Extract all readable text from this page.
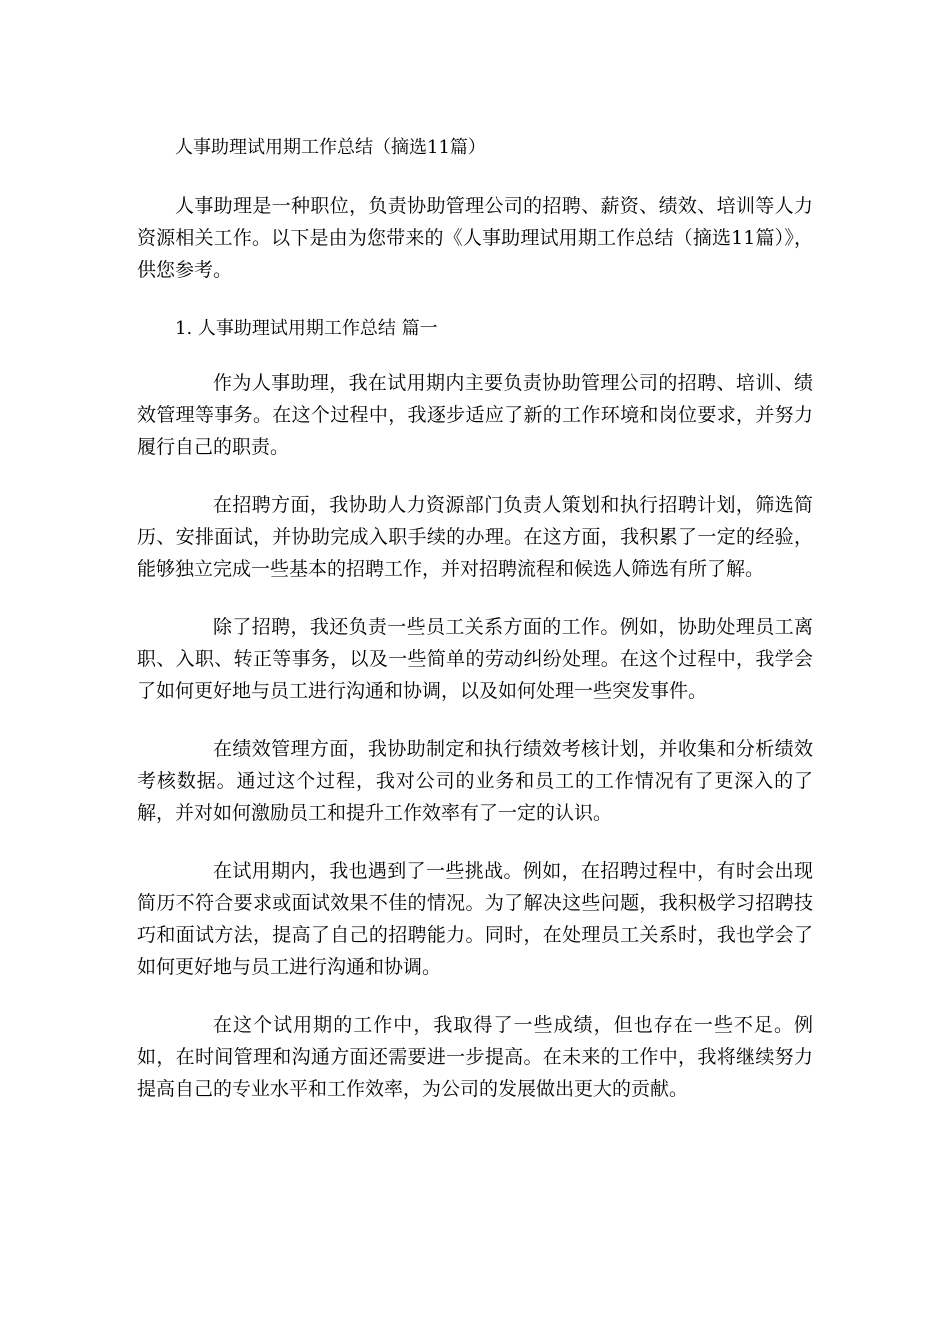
人事助理试用期工作总结（摘选11篇）

人事助理是一种职位，负责协助管理公司的招聘、薪资、绩效、培训等人力资源相关工作。以下是由为您带来的《人事助理试用期工作总结（摘选11篇）》，供您参考。

1. 人事助理试用期工作总结 篇一

作为人事助理，我在试用期内主要负责协助管理公司的招聘、培训、绩效管理等事务。在这个过程中，我逐步适应了新的工作环境和岗位要求，并努力履行自己的职责。

在招聘方面，我协助人力资源部门负责人策划和执行招聘计划，筛选简历、安排面试，并协助完成入职手续的办理。在这方面，我积累了一定的经验，能够独立完成一些基本的招聘工作，并对招聘流程和候选人筛选有所了解。

除了招聘，我还负责一些员工关系方面的工作。例如，协助处理员工离职、入职、转正等事务，以及一些简单的劳动纠纷处理。在这个过程中，我学会了如何更好地与员工进行沟通和协调，以及如何处理一些突发事件。

在绩效管理方面，我协助制定和执行绩效考核计划，并收集和分析绩效考核数据。通过这个过程，我对公司的业务和员工的工作情况有了更深入的了解，并对如何激励员工和提升工作效率有了一定的认识。

在试用期内，我也遇到了一些挑战。例如，在招聘过程中，有时会出现简历不符合要求或面试效果不佳的情况。为了解决这些问题，我积极学习招聘技巧和面试方法，提高了自己的招聘能力。同时，在处理员工关系时，我也学会了如何更好地与员工进行沟通和协调。

在这个试用期的工作中，我取得了一些成绩，但也存在一些不足。例如，在时间管理和沟通方面还需要进一步提高。在未来的工作中，我将继续努力提高自己的专业水平和工作效率，为公司的发展做出更大的贡献。
